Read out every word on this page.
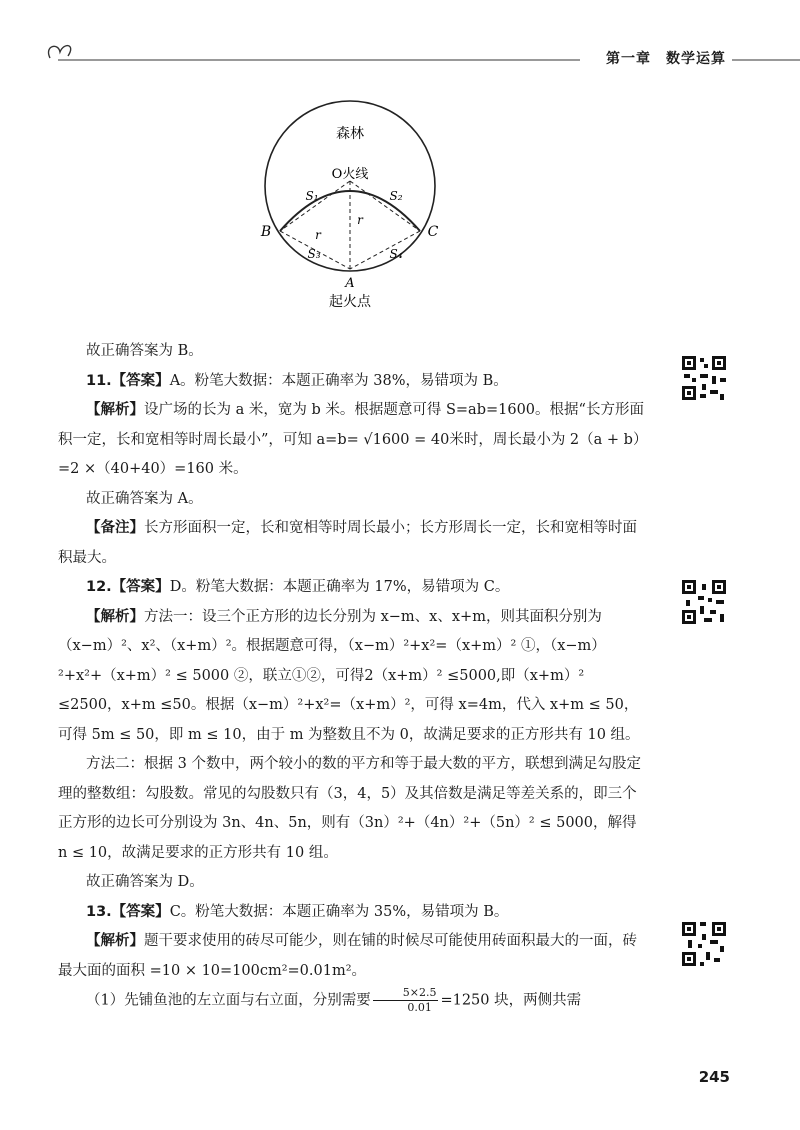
第一章　数学运算
森林
O火线
S₁	S₂
r
r
S₃	S₄
B	C
A
起火点

故正确答案为 B。

11.【答案】A。粉笔大数据：本题正确率为 38%，易错项为 B。

【解析】设广场的长为 a 米，宽为 b 米。根据题意可得 S=ab=1600。根据“长方形面积一定，长和宽相等时周长最小”，可知 a=b= √1600 = 40米时，周长最小为 2（a + b）=2 ×（40+40）=160 米。

故正确答案为 A。

【备注】长方形面积一定，长和宽相等时周长最小；长方形周长一定，长和宽相等时面积最大。

12.【答案】D。粉笔大数据：本题正确率为 17%，易错项为 C。

【解析】方法一：设三个正方形的边长分别为 x−m、x、x+m，则其面积分别为（x−m）²、x²、（x+m）²。根据题意可得，（x−m）²+x²=（x+m）² ①，（x−m）²+x²+（x+m）² ≤ 5000 ②，联立①②，可得2（x+m）² ≤5000,即（x+m）² ≤2500，x+m ≤50。根据（x−m）²+x²=（x+m）²，可得 x=4m，代入 x+m ≤ 50，可得 5m ≤ 50，即 m ≤ 10，由于 m 为整数且不为 0，故满足要求的正方形共有 10 组。

方法二：根据 3 个数中，两个较小的数的平方和等于最大数的平方，联想到满足勾股定理的整数组：勾股数。常见的勾股数只有（3，4，5）及其倍数是满足等差关系的，即三个正方形的边长可分别设为 3n、4n、5n，则有（3n）²+（4n）²+（5n）² ≤ 5000，解得 n ≤ 10，故满足要求的正方形共有 10 组。

故正确答案为 D。

13.【答案】C。粉笔大数据：本题正确率为 35%，易错项为 B。

【解析】题干要求使用的砖尽可能少，则在铺的时候尽可能使用砖面积最大的一面，砖最大面的面积 =10 × 10=100cm²=0.01m²。

（1）先铺鱼池的左立面与右立面，分别需要 $\frac{5\times 2.5}{0.01} =1250$ 块，两侧共需

245
